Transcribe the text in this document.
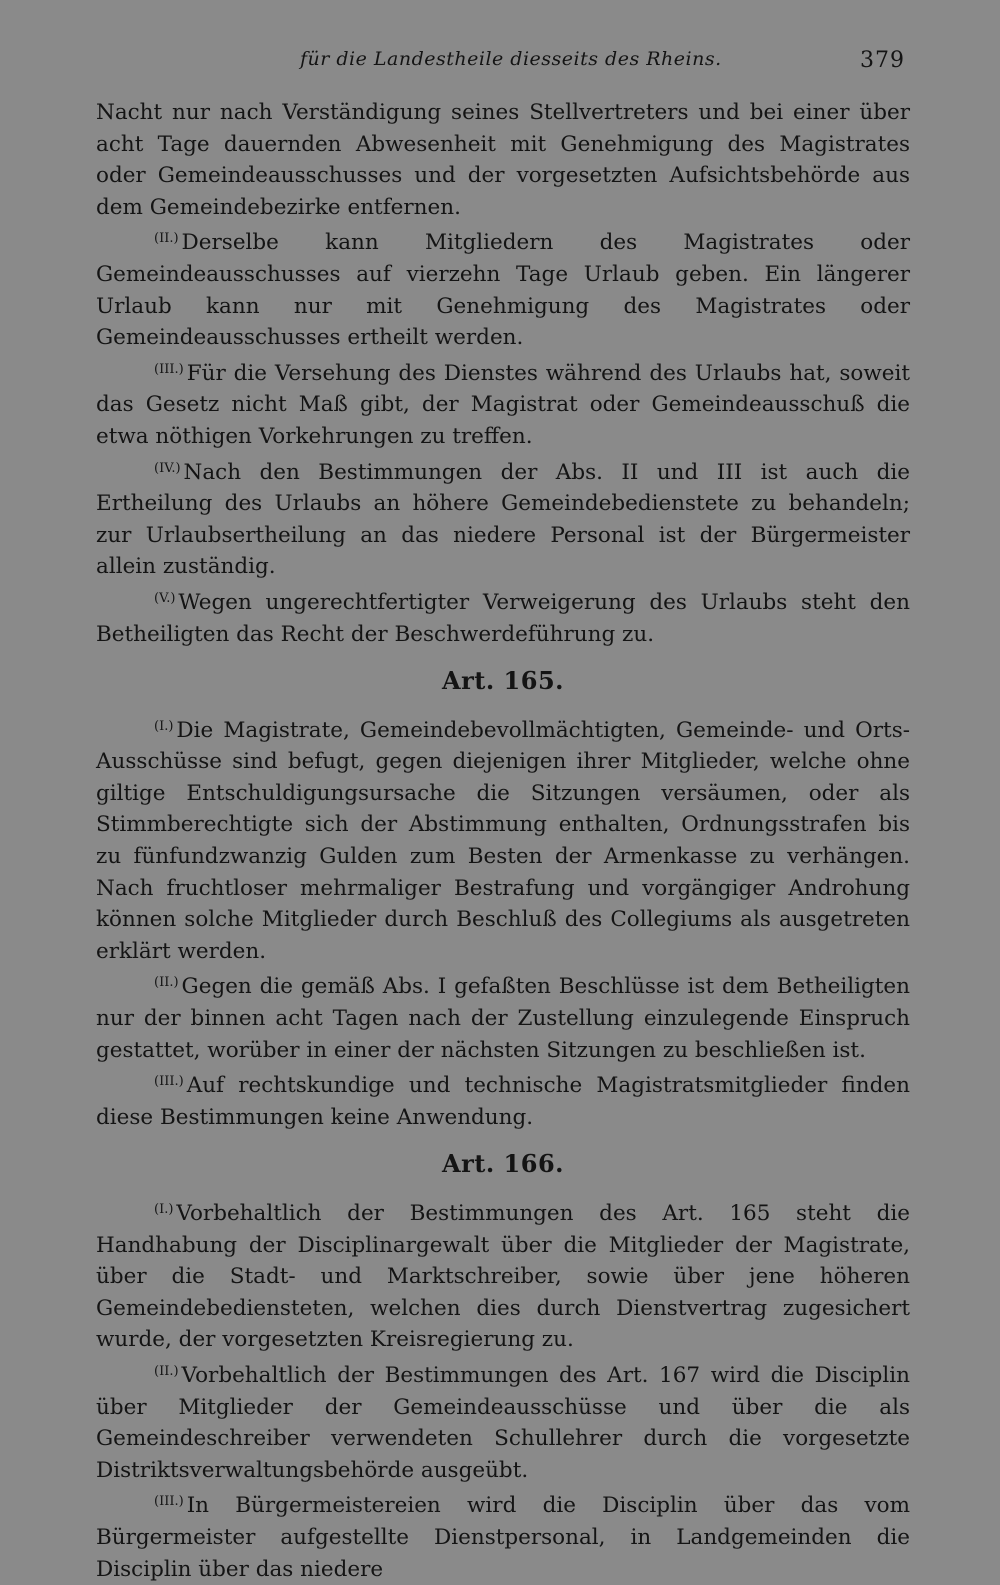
für die Landestheile diesseits des Rheins.	379

Nacht nur nach Verständigung seines Stellvertreters und bei einer über acht Tage dauernden Abwesenheit mit Genehmigung des Magistrates oder Gemeindeausschusses und der vorgesetzten Aufsichtsbehörde aus dem Gemeindebezirke entfernen.

$^{(II.)}$ Derselbe kann Mitgliedern des Magistrates oder Gemeindeausschusses auf vierzehn Tage Urlaub geben. Ein längerer Urlaub kann nur mit Genehmigung des Magistrates oder Gemeindeausschusses ertheilt werden.

$^{(III.)}$ Für die Versehung des Dienstes während des Urlaubs hat, soweit das Gesetz nicht Maß gibt, der Magistrat oder Gemeindeausschuß die etwa nöthigen Vorkehrungen zu treffen.

$^{(IV.)}$ Nach den Bestimmungen der Abs. II und III ist auch die Ertheilung des Urlaubs an höhere Gemeindebedienstete zu behandeln; zur Urlaubsertheilung an das niedere Personal ist der Bürgermeister allein zuständig.

$^{(V.)}$ Wegen ungerechtfertigter Verweigerung des Urlaubs steht den Betheiligten das Recht der Beschwerdeführung zu.

Art. 165.

$^{(I.)}$ Die Magistrate, Gemeindebevollmächtigten, Gemeinde- und Orts-Ausschüsse sind befugt, gegen diejenigen ihrer Mitglieder, welche ohne giltige Entschuldigungsursache die Sitzungen versäumen, oder als Stimmberechtigte sich der Abstimmung enthalten, Ordnungsstrafen bis zu fünfundzwanzig Gulden zum Besten der Armenkasse zu verhängen. Nach fruchtloser mehrmaliger Bestrafung und vorgängiger Androhung können solche Mitglieder durch Beschluß des Collegiums als ausgetreten erklärt werden.

$^{(II.)}$ Gegen die gemäß Abs. I gefaßten Beschlüsse ist dem Betheiligten nur der binnen acht Tagen nach der Zustellung einzulegende Einspruch gestattet, worüber in einer der nächsten Sitzungen zu beschließen ist.

$^{(III.)}$ Auf rechtskundige und technische Magistratsmitglieder finden diese Bestimmungen keine Anwendung.

Art. 166.

$^{(I.)}$ Vorbehaltlich der Bestimmungen des Art. 165 steht die Handhabung der Disciplinargewalt über die Mitglieder der Magistrate, über die Stadt- und Marktschreiber, sowie über jene höheren Gemeindebediensteten, welchen dies durch Dienstvertrag zugesichert wurde, der vorgesetzten Kreisregierung zu.

$^{(II.)}$ Vorbehaltlich der Bestimmungen des Art. 167 wird die Disciplin über Mitglieder der Gemeindeausschüsse und über die als Gemeindeschreiber verwendeten Schullehrer durch die vorgesetzte Distriktsverwaltungsbehörde ausgeübt.

$^{(III.)}$ In Bürgermeistereien wird die Disciplin über das vom Bürgermeister aufgestellte Dienstpersonal, in Landgemeinden die Disciplin über das niedere
